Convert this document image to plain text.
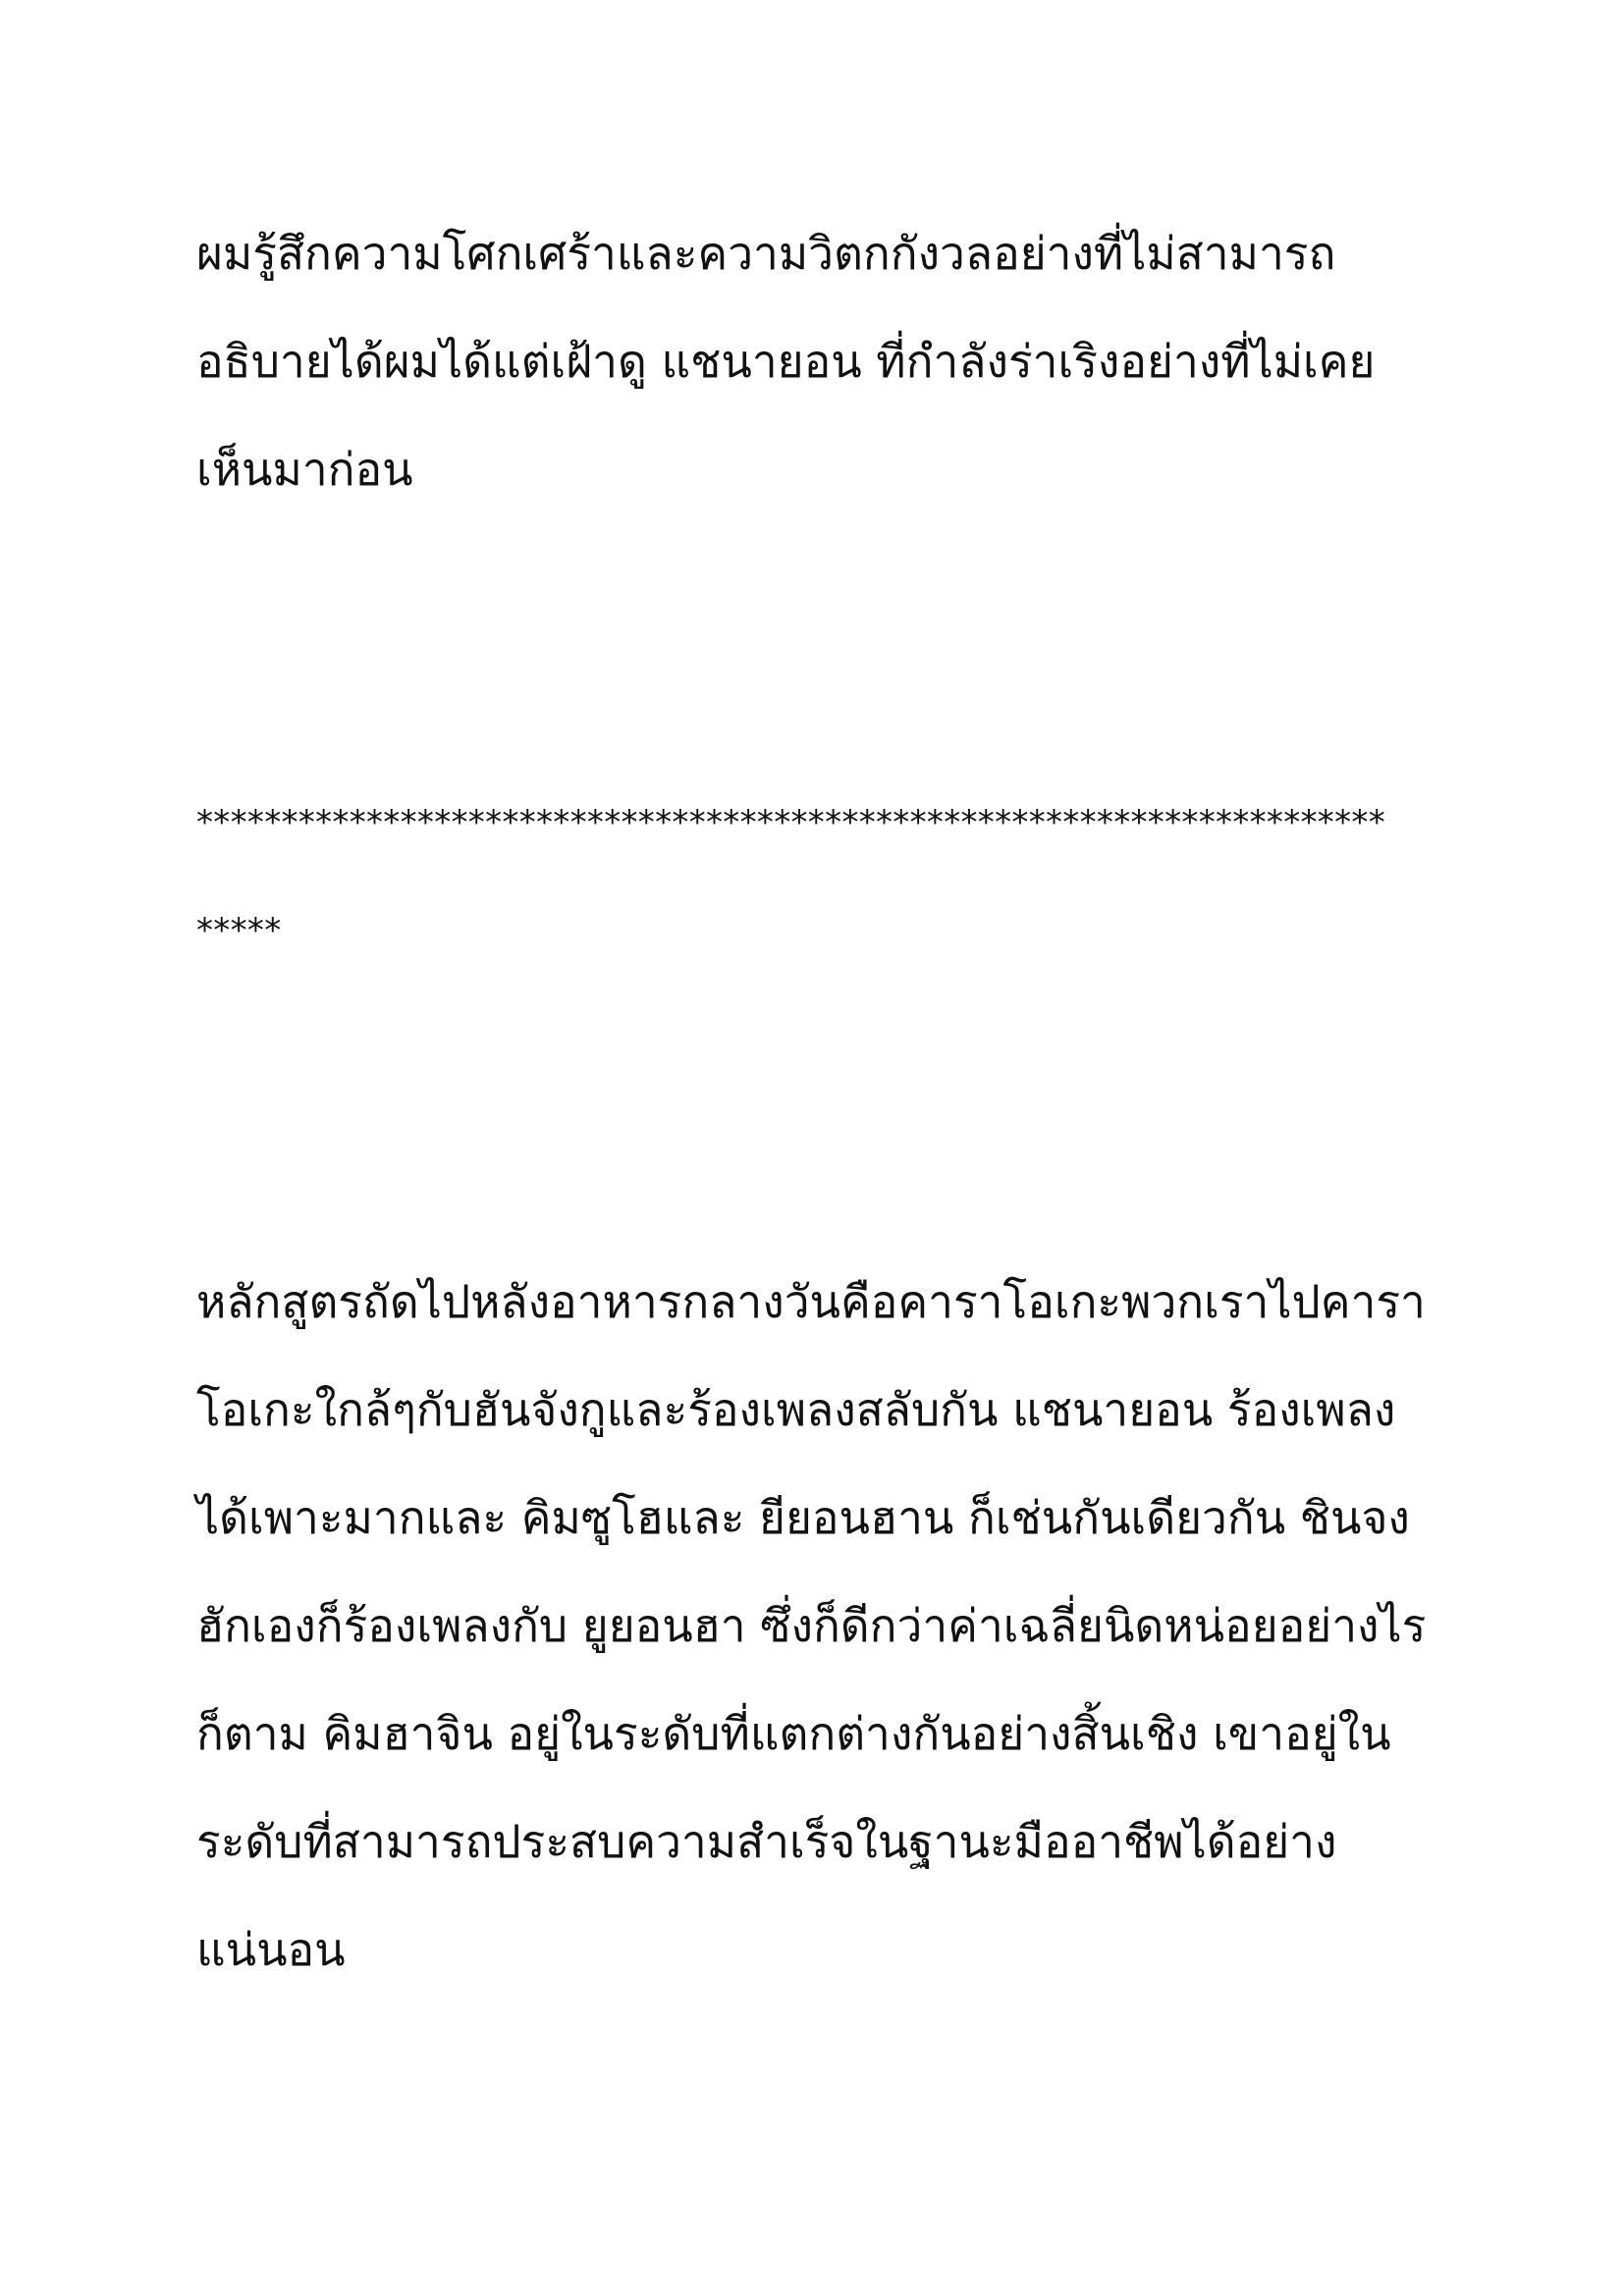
ผมรู้สึกความโศกเศร้าและความวิตกกังวลอย่างที่ไม่สามารถ
อธิบายได้ผมได้แต่เฝ้าดู แชนายอน ที่กำลังร่าเริงอย่างที่ไม่เคย
เห็นมาก่อน
**********************************************************************
*****
หลักสูตรถัดไปหลังอาหารกลางวันคือคาราโอเกะพวกเราไปคารา
โอเกะใกล้ๆกับฮันจังกูและร้องเพลงสลับกัน แชนายอน ร้องเพลง
ได้เพาะมากและ คิมซูโฮและ ยียอนฮาน ก็เช่นกันเดียวกัน ชินจง
ฮักเองก็ร้องเพลงกับ ยูยอนฮา ซึ่งก็ดีกว่าค่าเฉลี่ยนิดหน่อยอย่างไร
ก็ตาม คิมฮาจิน อยู่ในระดับที่แตกต่างกันอย่างสิ้นเชิง เขาอยู่ใน
ระดับที่สามารถประสบความสำเร็จในฐานะมืออาชีพได้อย่าง
แน่นอน
